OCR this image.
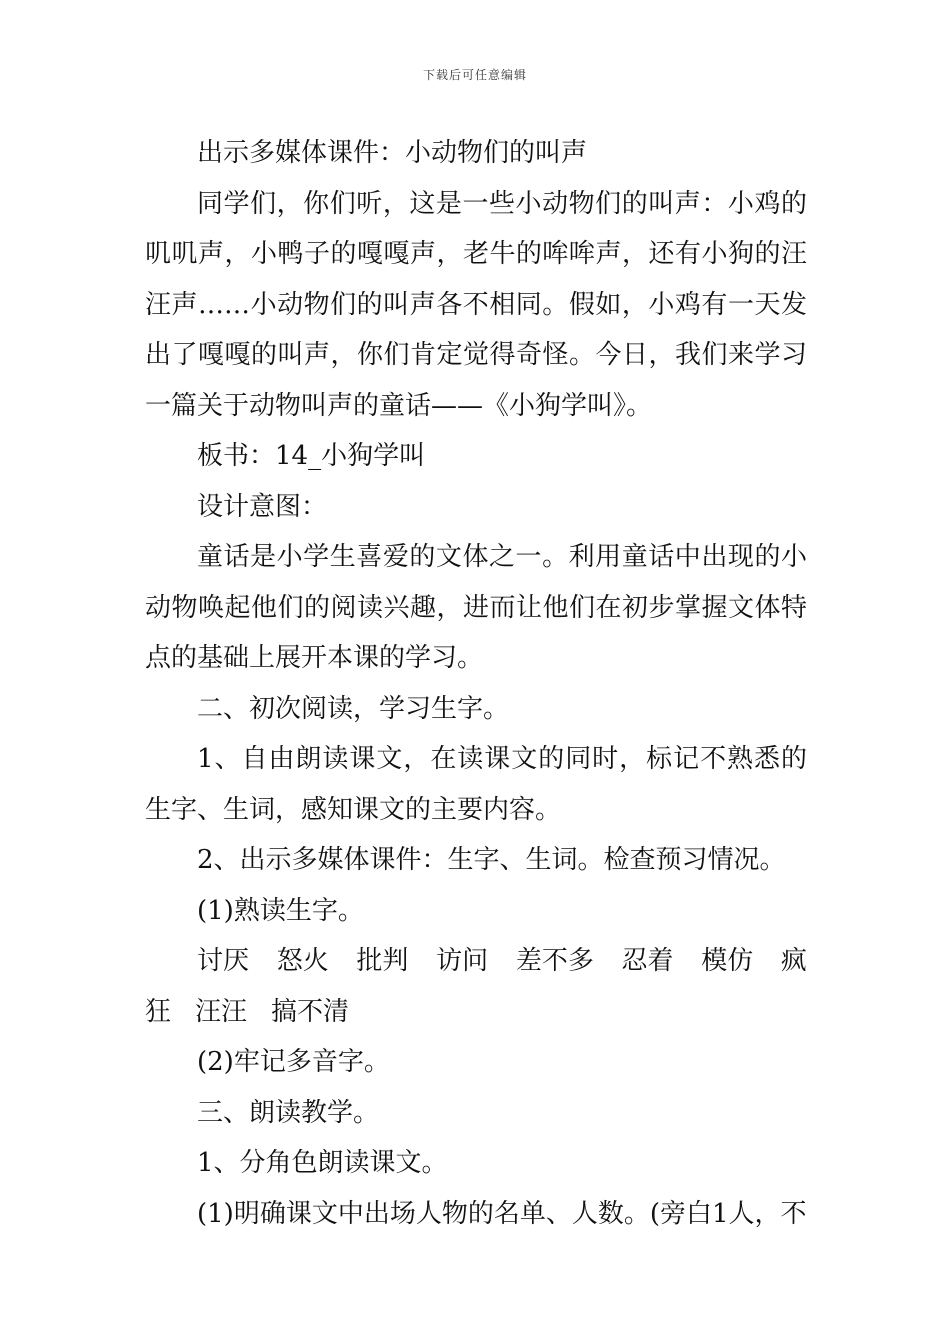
下载后可任意编辑

出示多媒体课件：小动物们的叫声

同学们，你们听，这是一些小动物们的叫声：小鸡的叽叽声，小鸭子的嘎嘎声，老牛的哞哞声，还有小狗的汪汪声……小动物们的叫声各不相同。假如，小鸡有一天发出了嘎嘎的叫声，你们肯定觉得奇怪。今日，我们来学习一篇关于动物叫声的童话——《小狗学叫》。

板书：14_小狗学叫

设计意图：

童话是小学生喜爱的文体之一。利用童话中出现的小动物唤起他们的阅读兴趣，进而让他们在初步掌握文体特点的基础上展开本课的学习。

二、初次阅读，学习生字。

1、自由朗读课文，在读课文的同时，标记不熟悉的生字、生词，感知课文的主要内容。

2、出示多媒体课件：生字、生词。检查预习情况。

(1)熟读生字。

讨厌 怒火 批判 访问 差不多 忍着 模仿 疯
狂 汪汪 搞不清

(2)牢记多音字。

三、朗读教学。

1、分角色朗读课文。

(1)明确课文中出场人物的名单、人数。(旁白1人，不
